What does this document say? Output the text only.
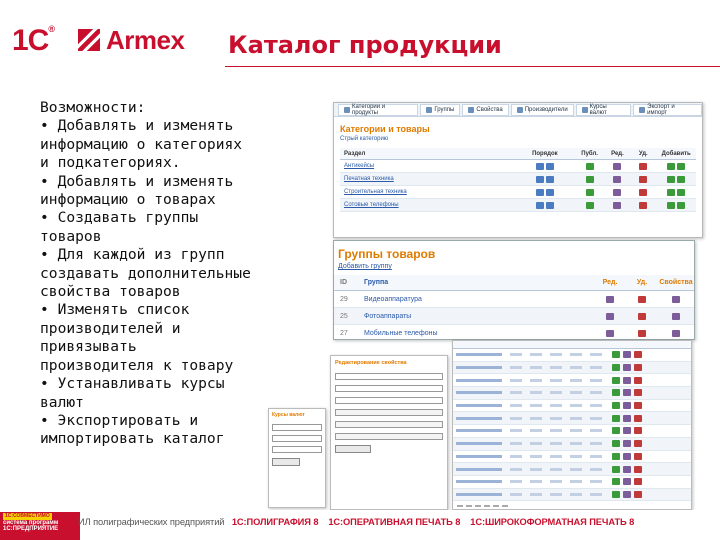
1С® Armex Каталог продукции
Возможности:
• Добавлять и изменять
информацию о категориях
и подкатегориях.
• Добавлять и изменять
информацию о товарах
• Создавать группы
товаров
• Для каждой из групп
создавать дополнительные
свойства товаров
• Изменять список
производителей и
привязывать
производителя к товару
• Устанавливать курсы
валют
• Экспортировать и
импортировать каталог
Категории и продукты	Группы	Свойства	Производители	Курсы валют
Экспорт и импорт
Категории и товары
Стрый категорию
Раздел	Порядок	Публ.	Ред.	Уд.	Добавить
Антикейсы
Печатная техника
Строительная техника
Сотовые телефоны
Группы товаров
Добавить группу
ID	Группа	Ред.	Уд.	Свойства
29	Видеоаппаратура
25	Фотоаппараты
27	Мобильные телефоны
Редактирование свойства
Курсы валют
1С:СОВМЕСТИМО
система программ
1С:ПРЕДПРИЯТИЕ
ИЛ полиграфических предприятий 1С:ПОЛИГРАФИЯ 8 1С:ОПЕРАТИВНАЯ ПЕЧАТЬ 8 1С:ШИРОКОФОРМАТНАЯ ПЕЧАТЬ 8
